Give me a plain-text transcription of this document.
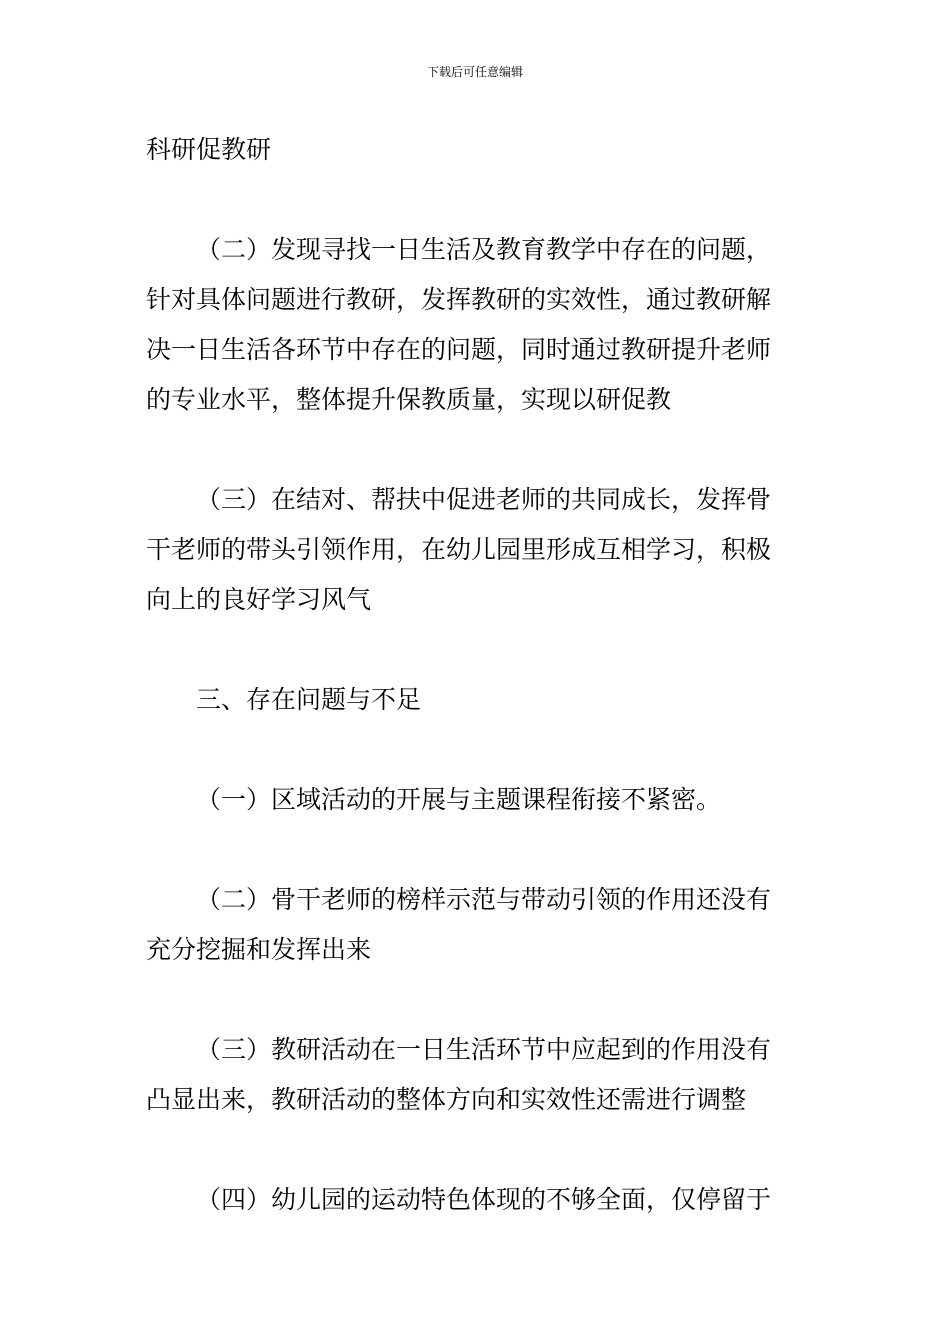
下载后可任意编辑
科研促教研
（二）发现寻找一日生活及教育教学中存在的问题，
针对具体问题进行教研，发挥教研的实效性，通过教研解
决一日生活各环节中存在的问题，同时通过教研提升老师
的专业水平，整体提升保教质量，实现以研促教
（三）在结对、帮扶中促进老师的共同成长，发挥骨
干老师的带头引领作用，在幼儿园里形成互相学习，积极
向上的良好学习风气
三、存在问题与不足
（一）区域活动的开展与主题课程衔接不紧密。
（二）骨干老师的榜样示范与带动引领的作用还没有
充分挖掘和发挥出来
（三）教研活动在一日生活环节中应起到的作用没有
凸显出来，教研活动的整体方向和实效性还需进行调整
（四）幼儿园的运动特色体现的不够全面，仅停留于
